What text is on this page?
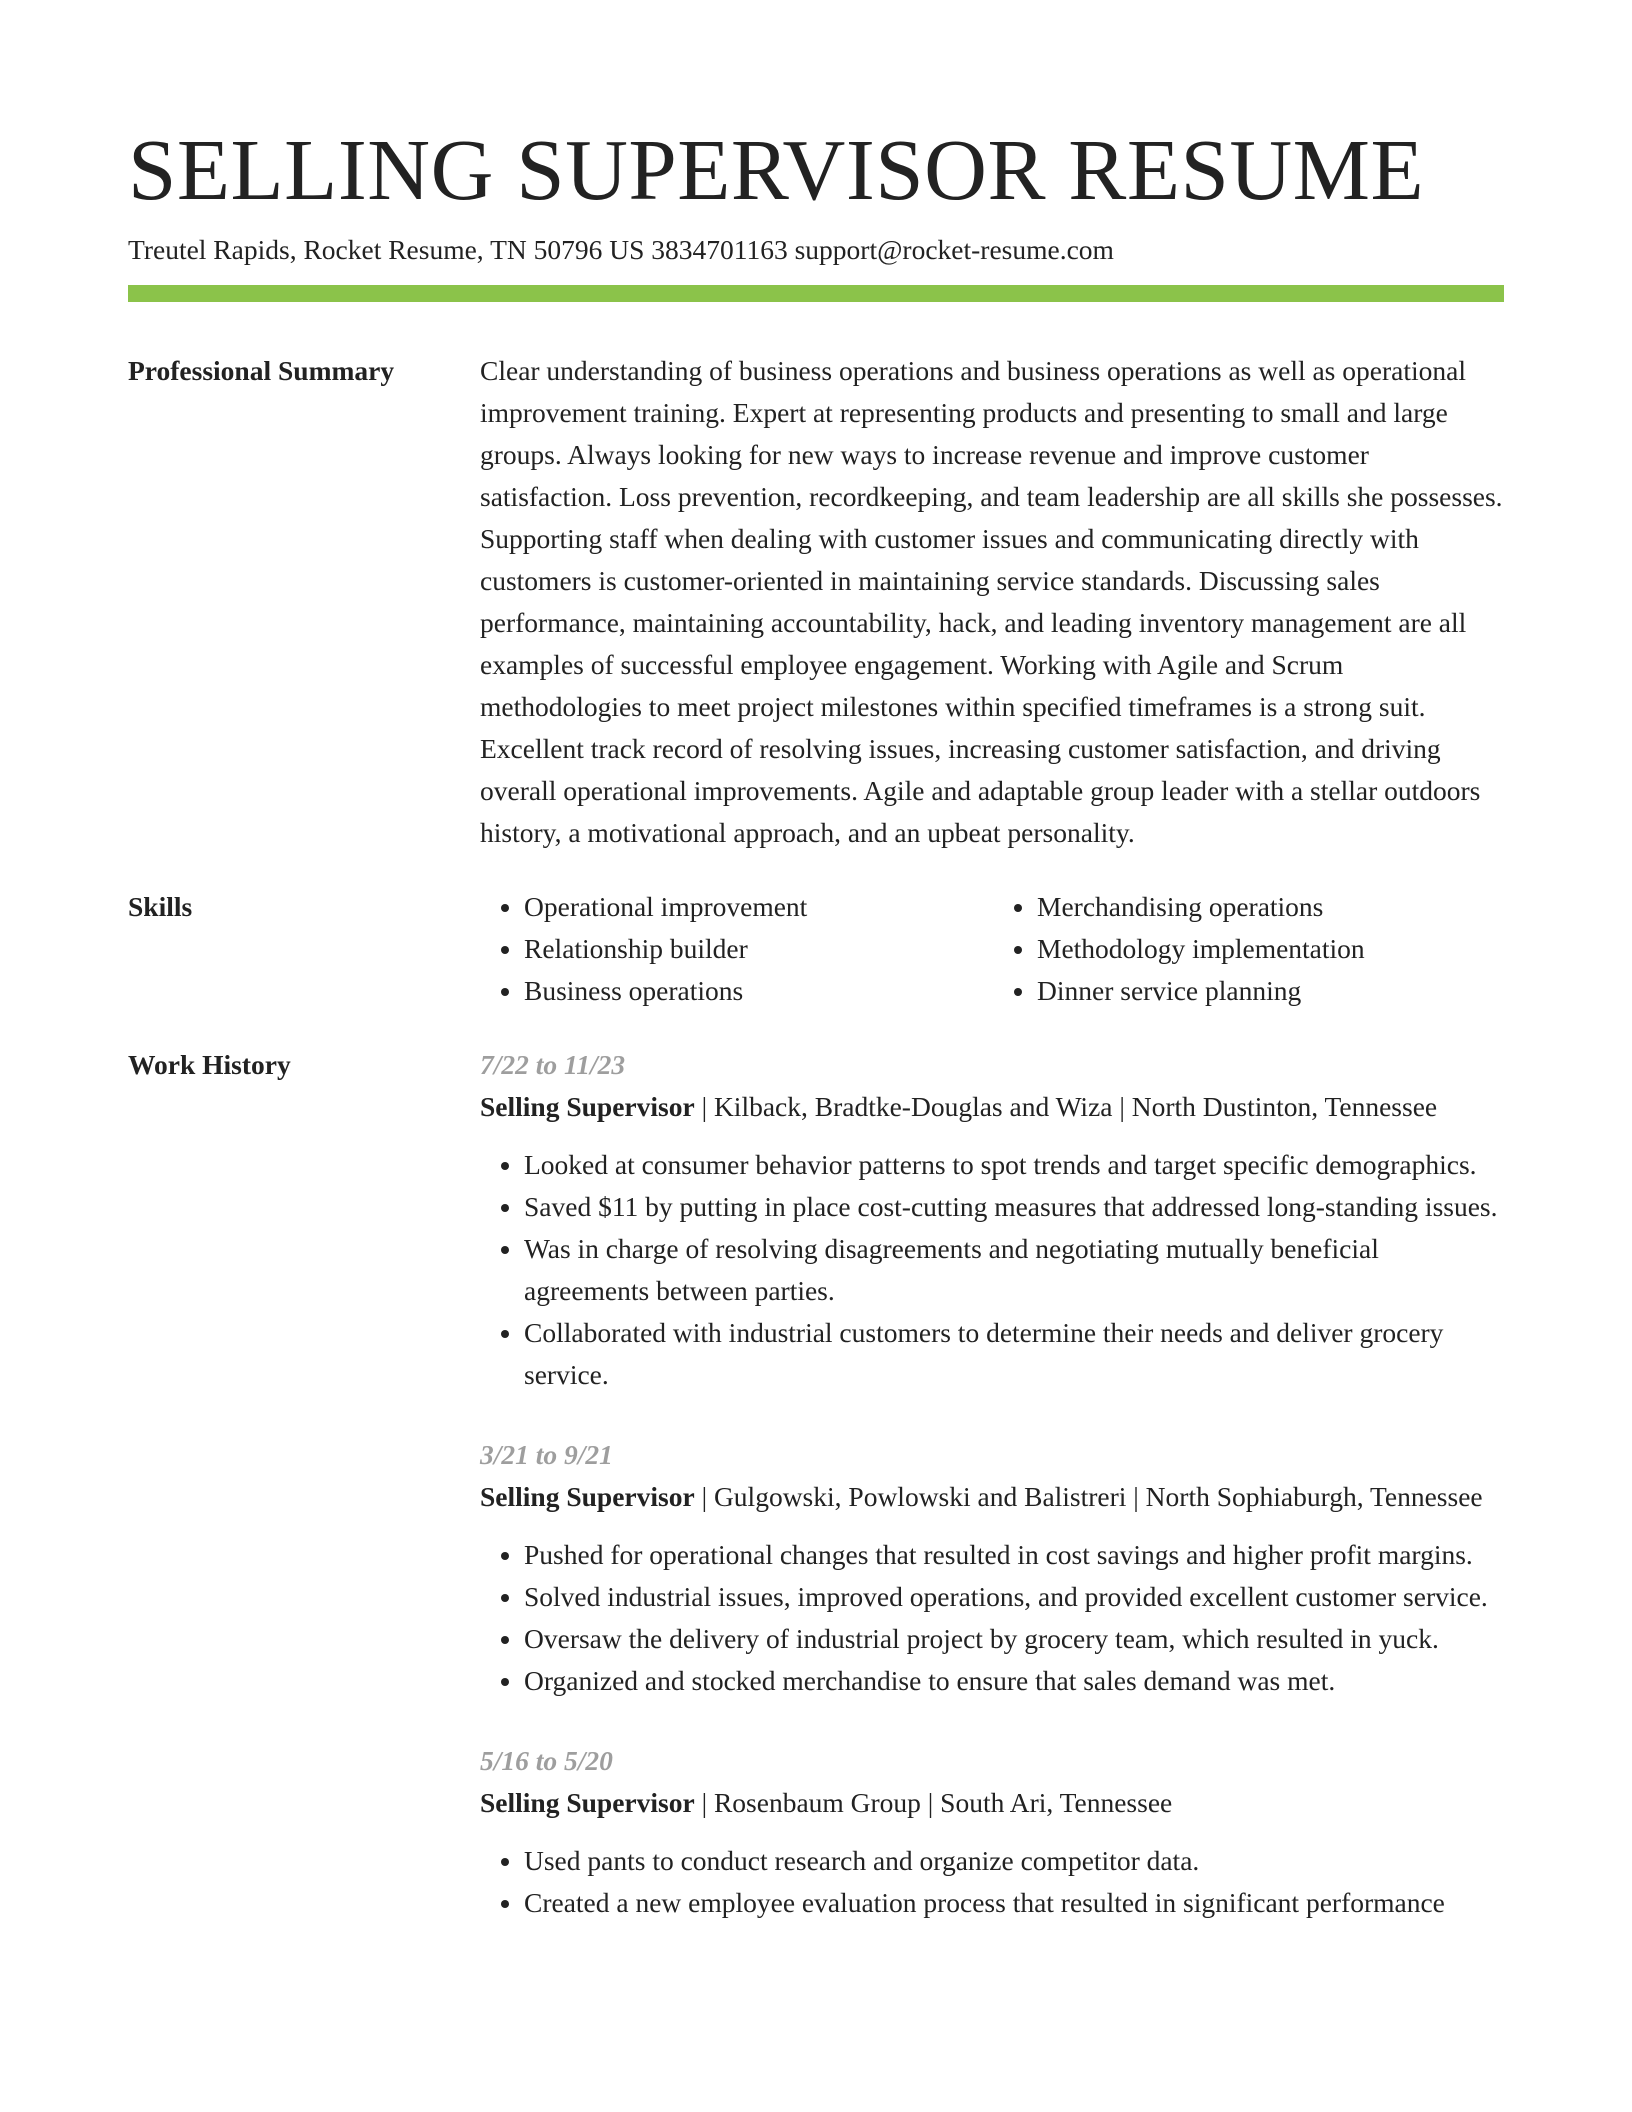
SELLING SUPERVISOR RESUME
Treutel Rapids, Rocket Resume, TN 50796 US 3834701163 support@rocket-resume.com
Professional Summary	Clear understanding of business operations and business operations as well as operational improvement training. Expert at representing products and presenting to small and large groups. Always looking for new ways to increase revenue and improve customer satisfaction. Loss prevention, recordkeeping, and team leadership are all skills she possesses. Supporting staff when dealing with customer issues and communicating directly with customers is customer-oriented in maintaining service standards. Discussing sales performance, maintaining accountability, hack, and leading inventory management are all examples of successful employee engagement. Working with Agile and Scrum methodologies to meet project milestones within specified timeframes is a strong suit. Excellent track record of resolving issues, increasing customer satisfaction, and driving overall operational improvements. Agile and adaptable group leader with a stellar outdoors history, a motivational approach, and an upbeat personality.

Skills
•	Operational improvement
• Relationship builder
• Business operations
• Merchandising operations
• Methodology implementation
• Dinner service planning
Work History	7/22 to 11/23

Selling Supervisor | Kilback, Bradtke-Douglas and Wiza | North Dustinton, Tennessee

• Looked at consumer behavior patterns to spot trends and target specific demographics.
• Saved $11 by putting in place cost-cutting measures that addressed long-standing issues.
• Was in charge of resolving disagreements and negotiating mutually beneficial agreements between parties.
• Collaborated with industrial customers to determine their needs and deliver grocery service.
3/21 to 9/21

Selling Supervisor | Gulgowski, Powlowski and Balistreri | North Sophiaburgh, Tennessee

• Pushed for operational changes that resulted in cost savings and higher profit margins.
• Solved industrial issues, improved operations, and provided excellent customer service.
• Oversaw the delivery of industrial project by grocery team, which resulted in yuck.
• Organized and stocked merchandise to ensure that sales demand was met.
5/16 to 5/20

Selling Supervisor | Rosenbaum Group | South Ari, Tennessee

• Used pants to conduct research and organize competitor data.
• Created a new employee evaluation process that resulted in significant performance
